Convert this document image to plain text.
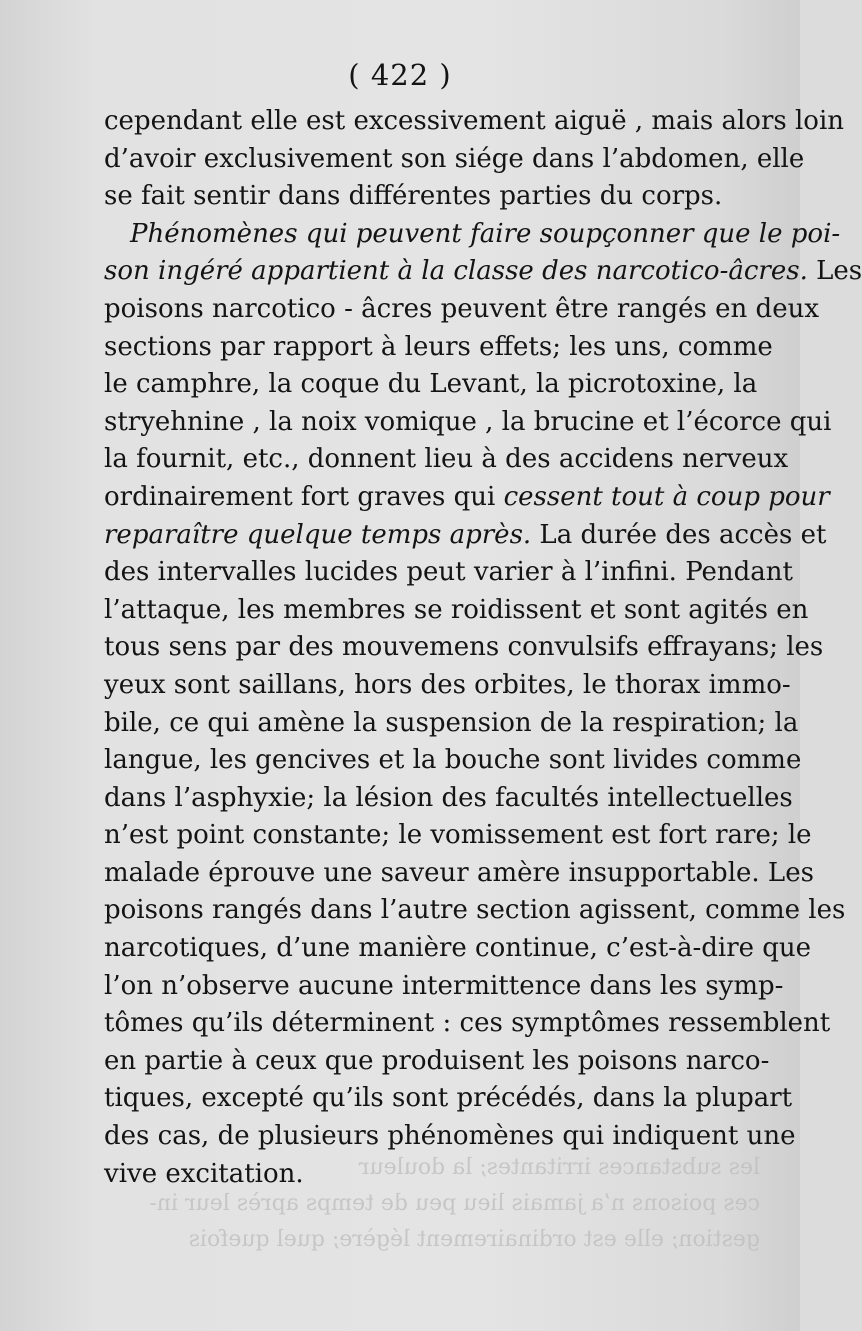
les substances irritantes; la douleur
ces poisons n’a jamais lieu peu de temps après leur in-
gestion; elle est ordinairement légère; quel quefois
( 422 )
cependant elle est excessivement aiguë , mais alors loin
d’avoir exclusivement son siége dans l’abdomen, elle
se fait sentir dans différentes parties du corps.
Phénomènes qui peuvent faire soupçonner que le poi-
son ingéré appartient à la classe des narcotico-âcres. Les
poisons narcotico - âcres peuvent être rangés en deux
sections par rapport à leurs effets; les uns, comme
le camphre, la coque du Levant, la picrotoxine, la
stryehnine , la noix vomique , la brucine et l’écorce qui
la fournit, etc., donnent lieu à des accidens nerveux
ordinairement fort graves qui cessent tout à coup pour
reparaître quelque temps après. La durée des accès et
des intervalles lucides peut varier à l’infini. Pendant
l’attaque, les membres se roidissent et sont agités en
tous sens par des mouvemens convulsifs effrayans; les
yeux sont saillans, hors des orbites, le thorax immo-
bile, ce qui amène la suspension de la respiration; la
langue, les gencives et la bouche sont livides comme
dans l’asphyxie; la lésion des facultés intellectuelles
n’est point constante; le vomissement est fort rare; le
malade éprouve une saveur amère insupportable. Les
poisons rangés dans l’autre section agissent, comme les
narcotiques, d’une manière continue, c’est-à-dire que
l’on n’observe aucune intermittence dans les symp-
tômes qu’ils déterminent : ces symptômes ressemblent
en partie à ceux que produisent les poisons narco-
tiques, excepté qu’ils sont précédés, dans la plupart
des cas, de plusieurs phénomènes qui indiquent une
vive excitation.
